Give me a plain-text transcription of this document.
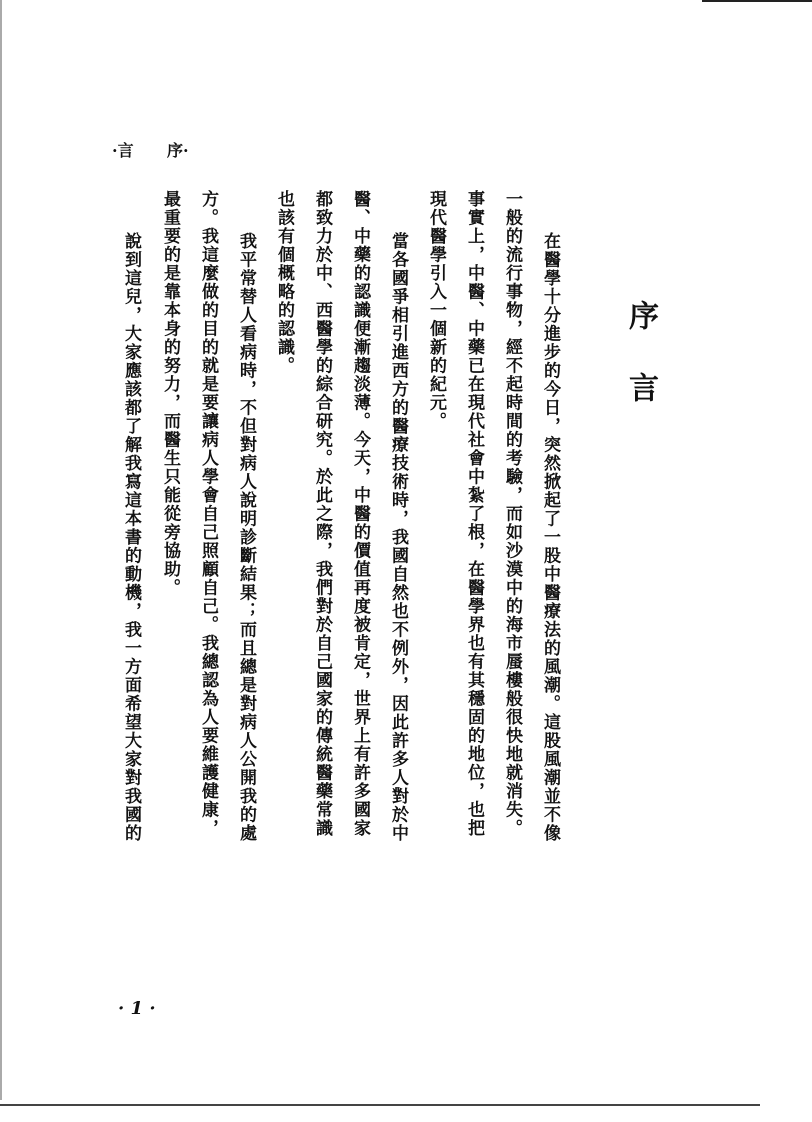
·言 序·
序言
在醫學十分進步的今日，突然掀起了一股中醫療法的風潮。這股風潮並不像
一般的流行事物，經不起時間的考驗，而如沙漠中的海市蜃樓般很快地就消失。
事實上，中醫、中藥已在現代社會中紮了根，在醫學界也有其穩固的地位，也把
現代醫學引入一個新的紀元。
當各國爭相引進西方的醫療技術時，我國自然也不例外，因此許多人對於中
醫、中藥的認識便漸趨淡薄。今天，中醫的價值再度被肯定，世界上有許多國家
都致力於中、西醫學的綜合研究。於此之際，我們對於自己國家的傳統醫藥常識
也該有個概略的認識。
我平常替人看病時，不但對病人說明診斷結果；而且總是對病人公開我的處
方。我這麼做的目的就是要讓病人學會自己照顧自己。我總認為人要維護健康，
最重要的是靠本身的努力，而醫生只能從旁協助。
說到這兒，大家應該都了解我寫這本書的動機，我一方面希望大家對我國的
· 1 ·
